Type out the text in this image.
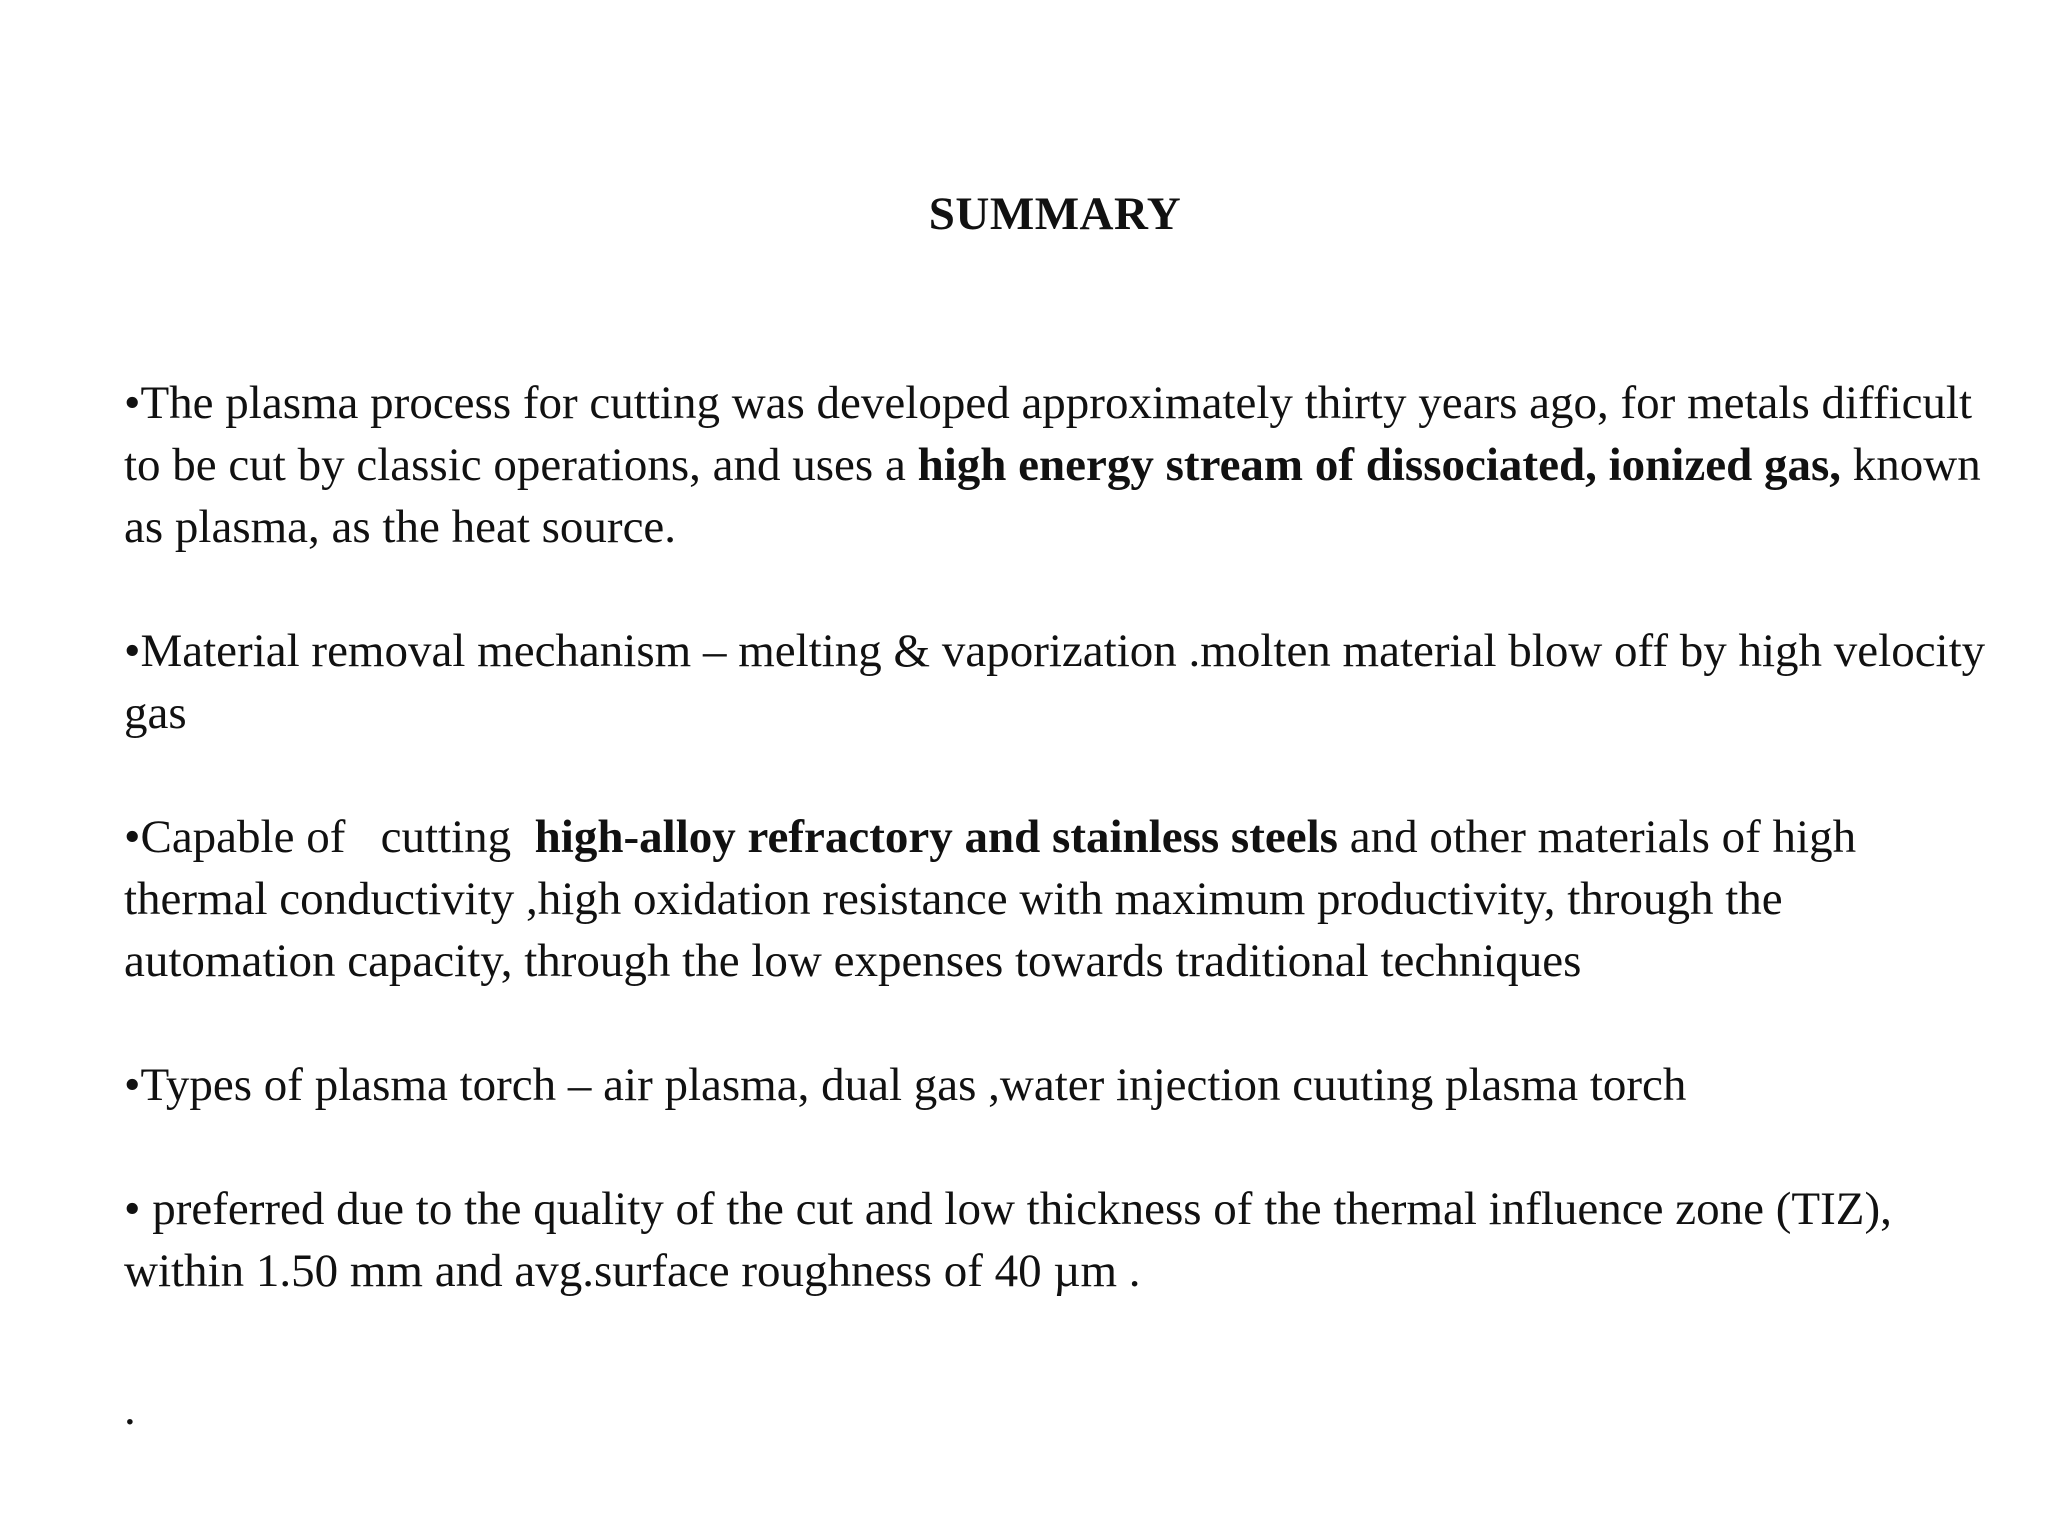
SUMMARY

•The plasma process for cutting was developed approximately thirty years ago, for metals difficult to be cut by classic operations, and uses a high energy stream of dissociated, ionized gas, known as plasma, as the heat source.

•Material removal mechanism – melting & vaporization .molten material blow off by high velocity gas

•Capable of   cutting  high-alloy refractory and stainless steels and other materials of high thermal conductivity ,high oxidation resistance with maximum productivity, through the automation capacity, through the low expenses towards traditional techniques

•Types of plasma torch – air plasma, dual gas ,water injection cuuting plasma torch

• preferred due to the quality of the cut and low thickness of the thermal influence zone (TIZ), within 1.50 mm and avg.surface roughness of 40 µm .

.
